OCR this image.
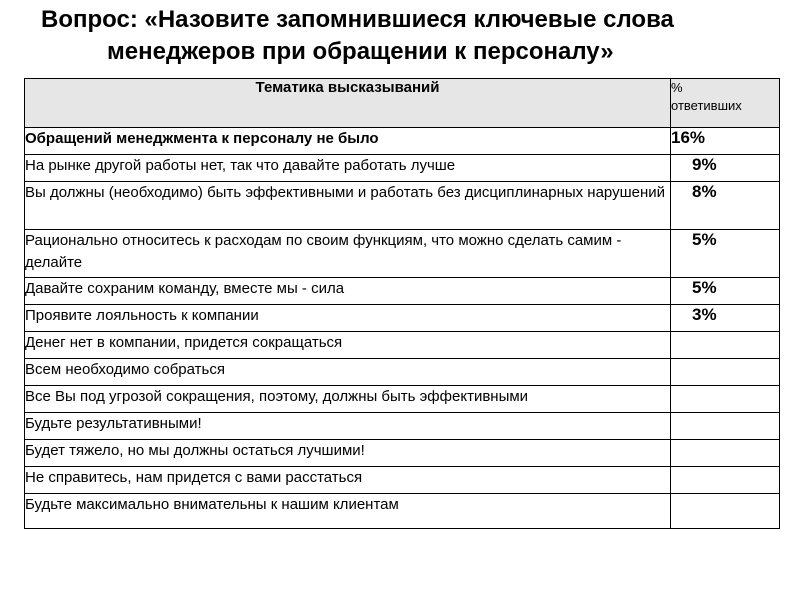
Вопрос: «Назовите запомнившиеся ключевые слова
менеджеров при обращении к персоналу»
Тематика высказываний	%
ответивших

Обращений менеджмента к персоналу не было	16%
На рынке другой работы нет, так что давайте работать лучше	9%
Вы должны (необходимо) быть эффективными и работать без дисциплинарных нарушений	8%
Рационально относитесь к расходам по своим функциям, что можно сделать самим - делайте	5%
Давайте сохраним команду, вместе мы - сила	5%
Проявите лояльность к компании	3%
Денег нет в компании, придется сокращаться	
Всем необходимо собраться	
Все Вы под угрозой сокращения, поэтому, должны быть эффективными	
Будьте результативными!	
Будет тяжело, но мы должны остаться лучшими!	
Не справитесь, нам придется с вами расстаться	
Будьте максимально внимательны к нашим клиентам	
